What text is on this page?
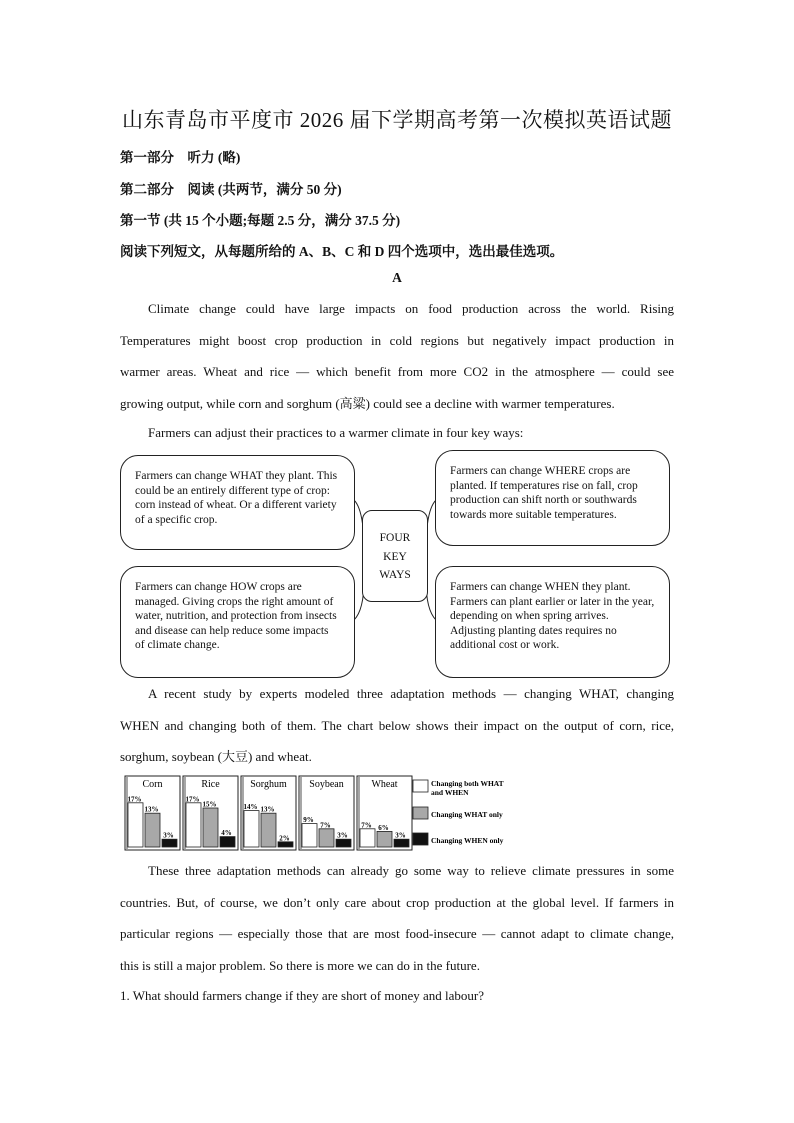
山东青岛市平度市 2026 届下学期高考第一次模拟英语试题
第一部分　听力 (略)
第二部分　阅读 (共两节，满分 50 分)
第一节 (共 15 个小题;每题 2.5 分，满分 37.5 分)
阅读下列短文，从每题所给的 A、B、C 和 D 四个选项中，选出最佳选项。
A
Climate change could have large impacts on food production across the world. Rising
Temperatures might boost crop production in cold regions but negatively impact production in
warmer areas. Wheat and rice — which benefit from more CO2 in the atmosphere — could see
growing output, while corn and sorghum (高粱) could see a decline with warmer temperatures.
Farmers can adjust their practices to a warmer climate in four key ways:
Farmers can change WHAT they plant. This could be an entirely different type of crop: corn instead of wheat. Or a different variety of a specific crop.
Farmers can change WHERE crops are planted. If temperatures rise on fall, crop production can shift north or southwards towards more suitable temperatures.
Farmers can change HOW crops are managed. Giving crops the right amount of water, nutrition, and protection from insects and disease can help reduce some impacts of climate change.
Farmers can change WHEN they plant. Farmers can plant earlier or later in the year, depending on when spring arrives. Adjusting planting dates requires no additional cost or work.
FOUR
KEY
WAYS
A recent study by experts modeled three adaptation methods — changing WHAT, changing
WHEN and changing both of them. The chart below shows their impact on the output of corn, rice,
sorghum, soybean (大豆) and wheat.
Corn
17%
13%
3%
Rice
17%
15%
4%
Sorghum
14% 13%
2%
Soybean
9%
7%
3%
Wheat
7% 6%
3%
Changing both WHAT
and WHEN
Changing WHAT only
Changing WHEN only
These three adaptation methods can already go some way to relieve climate pressures in some
countries. But, of course, we don’t only care about crop production at the global level. If farmers in
particular regions — especially those that are most food-insecure — cannot adapt to climate change,
this is still a major problem. So there is more we can do in the future.
1. What should farmers change if they are short of money and labour?
